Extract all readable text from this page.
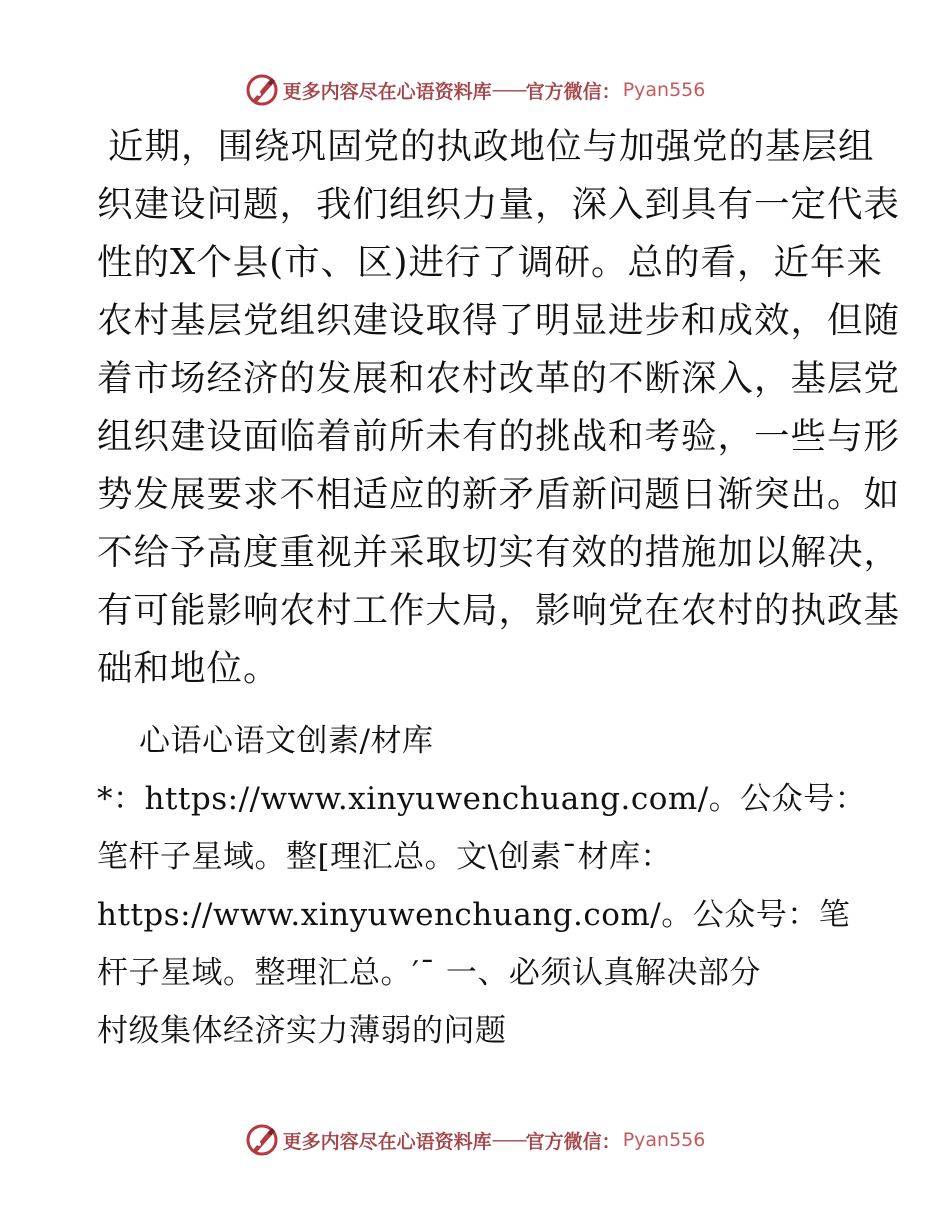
更多内容尽在心语资料库 —— 官方微信： Pyan556
近期，围绕巩固党的执政地位与加强党的基层组
织建设问题，我们组织力量，深入到具有一定代表
性的X个县(市、区)进行了调研。总的看，近年来
农村基层党组织建设取得了明显进步和成效，但随
着市场经济的发展和农村改革的不断深入，基层党
组织建设面临着前所未有的挑战和考验，一些与形
势发展要求不相适应的新矛盾新问题日渐突出。如
不给予高度重视并采取切实有效的措施加以解决，
有可能影响农村工作大局，影响党在农村的执政基
础和地位。
心语心语文创素/材库
*：https://www.xinyuwenchuang.com/。公众号：
笔杆子星域。整[理汇总。文\创素¯材库：
https://www.xinyuwenchuang.com/。公众号：笔
杆子星域。整理汇总。′¯ 一、必须认真解决部分
村级集体经济实力薄弱的问题
更多内容尽在心语资料库 —— 官方微信： Pyan556
